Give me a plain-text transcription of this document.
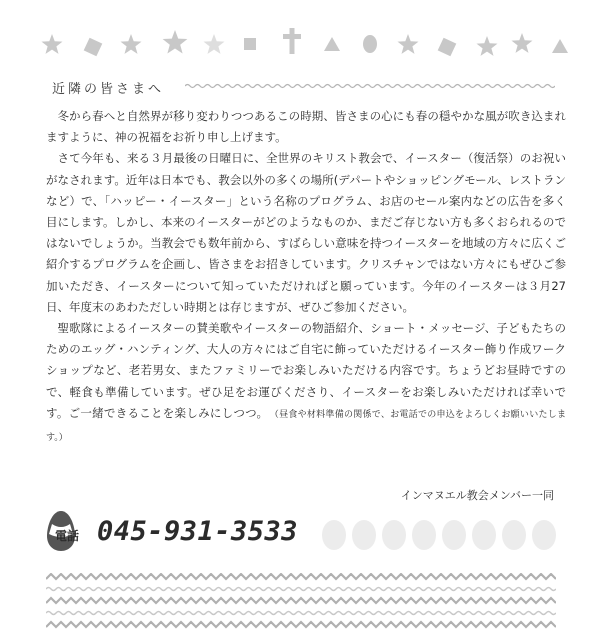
近隣の皆さまへ

冬から春へと自然界が移り変わりつつあるこの時期、皆さまの心にも春の穏やかな風が吹き込まれますように、神の祝福をお祈り申し上げます。

さて今年も、来る３月最後の日曜日に、全世界のキリスト教会で、イースター（復活祭）のお祝いがなされます。近年は日本でも、教会以外の多くの場所(デパートやショッピングモール、レストランなど）で、｢ハッピー・イースター」という名称のプログラム、お店のセール案内などの広告を多く目にします。しかし、本来のイースターがどのようなものか、まだご存じない方も多くおられるのではないでしょうか。当教会でも数年前から、すばらしい意味を持つイースターを地域の方々に広くご紹介するプログラムを企画し、皆さまをお招きしています。クリスチャンではない方々にもぜひご参加いただき、イースターについて知っていただければと願っています。今年のイースターは３月27日、年度末のあわただしい時期とは存じますが、ぜひご参加ください。

聖歌隊によるイースターの賛美歌やイースターの物語紹介、ショート・メッセージ、子どもたちのためのエッグ・ハンティング、大人の方々にはご自宅に飾っていただけるイースター飾り作成ワークショップなど、老若男女、またファミリーでお楽しみいただける内容です。ちょうどお昼時ですので、軽食も準備しています。ぜひ足をお運びくださり、イースターをお楽しみいただければ幸いです。ご一緒できることを楽しみにしつつ。　 （昼食や材料準備の関係で、お電話での申込をよろしくお願いいたします。）

インマヌエル教会メンバー一同
電話 045-931-3533
